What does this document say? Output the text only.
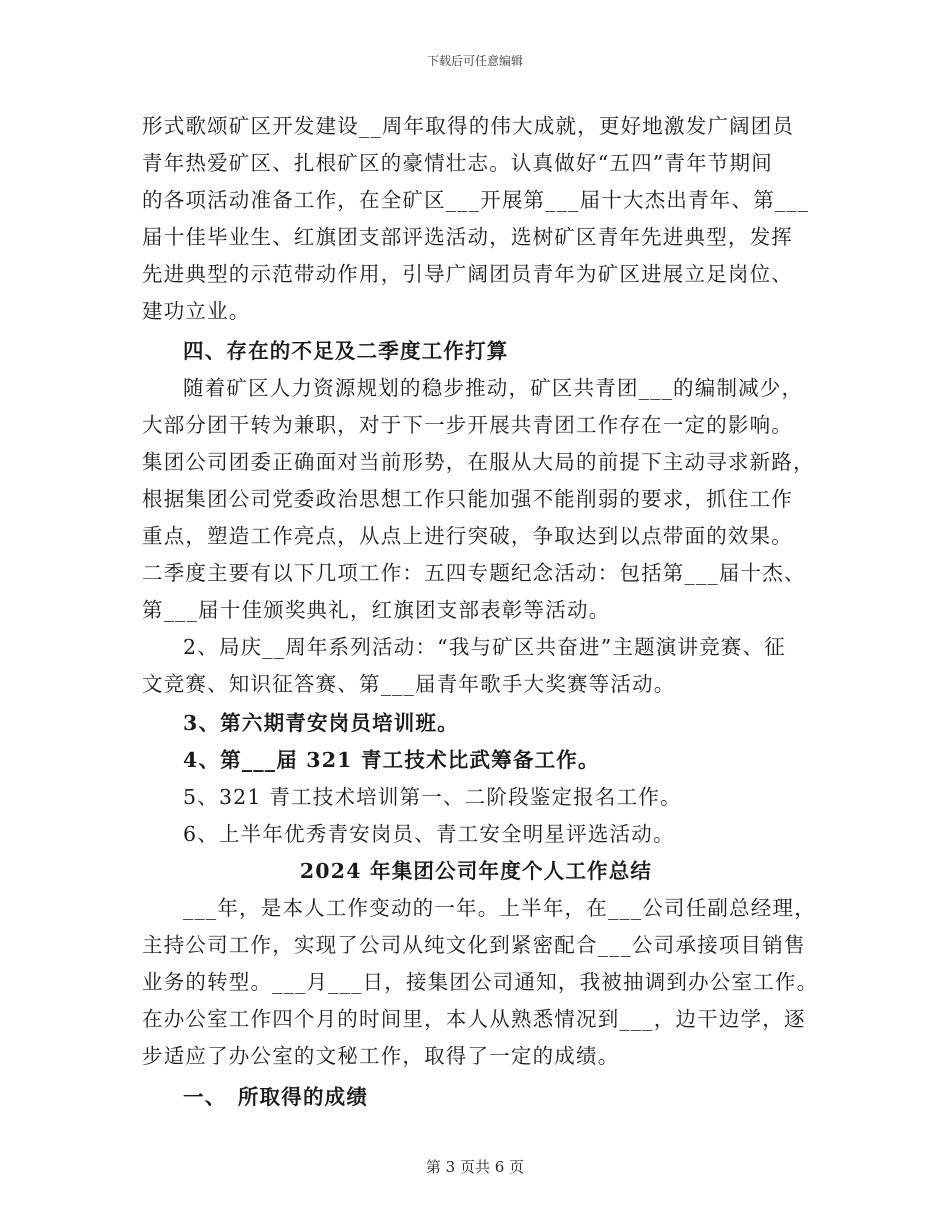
下载后可任意编辑

形式歌颂矿区开发建设__周年取得的伟大成就，更好地激发广阔团员

青年热爱矿区、扎根矿区的豪情壮志。认真做好“五四”青年节期间

的各项活动准备工作，在全矿区___开展第___届十大杰出青年、第___

届十佳毕业生、红旗团支部评选活动，选树矿区青年先进典型，发挥

先进典型的示范带动作用，引导广阔团员青年为矿区进展立足岗位、

建功立业。

四、存在的不足及二季度工作打算

随着矿区人力资源规划的稳步推动，矿区共青团___的编制减少，

大部分团干转为兼职，对于下一步开展共青团工作存在一定的影响。

集团公司团委正确面对当前形势，在服从大局的前提下主动寻求新路，

根据集团公司党委政治思想工作只能加强不能削弱的要求，抓住工作

重点，塑造工作亮点，从点上进行突破，争取达到以点带面的效果。

二季度主要有以下几项工作：五四专题纪念活动：包括第___届十杰、

第___届十佳颁奖典礼，红旗团支部表彰等活动。

2、局庆__周年系列活动：“我与矿区共奋进”主题演讲竞赛、征

文竞赛、知识征答赛、第___届青年歌手大奖赛等活动。

3、第六期青安岗员培训班。

4、第___届 321 青工技术比武筹备工作。

5、321 青工技术培训第一、二阶段鉴定报名工作。

6、上半年优秀青安岗员、青工安全明星评选活动。

2024 年集团公司年度个人工作总结

___年，是本人工作变动的一年。上半年，在___公司任副总经理，

主持公司工作，实现了公司从纯文化到紧密配合___公司承接项目销售

业务的转型。___月___日，接集团公司通知，我被抽调到办公室工作。

在办公室工作四个月的时间里，本人从熟悉情况到___，边干边学，逐

步适应了办公室的文秘工作，取得了一定的成绩。

一、　所取得的成绩

第 3 页共 6 页
